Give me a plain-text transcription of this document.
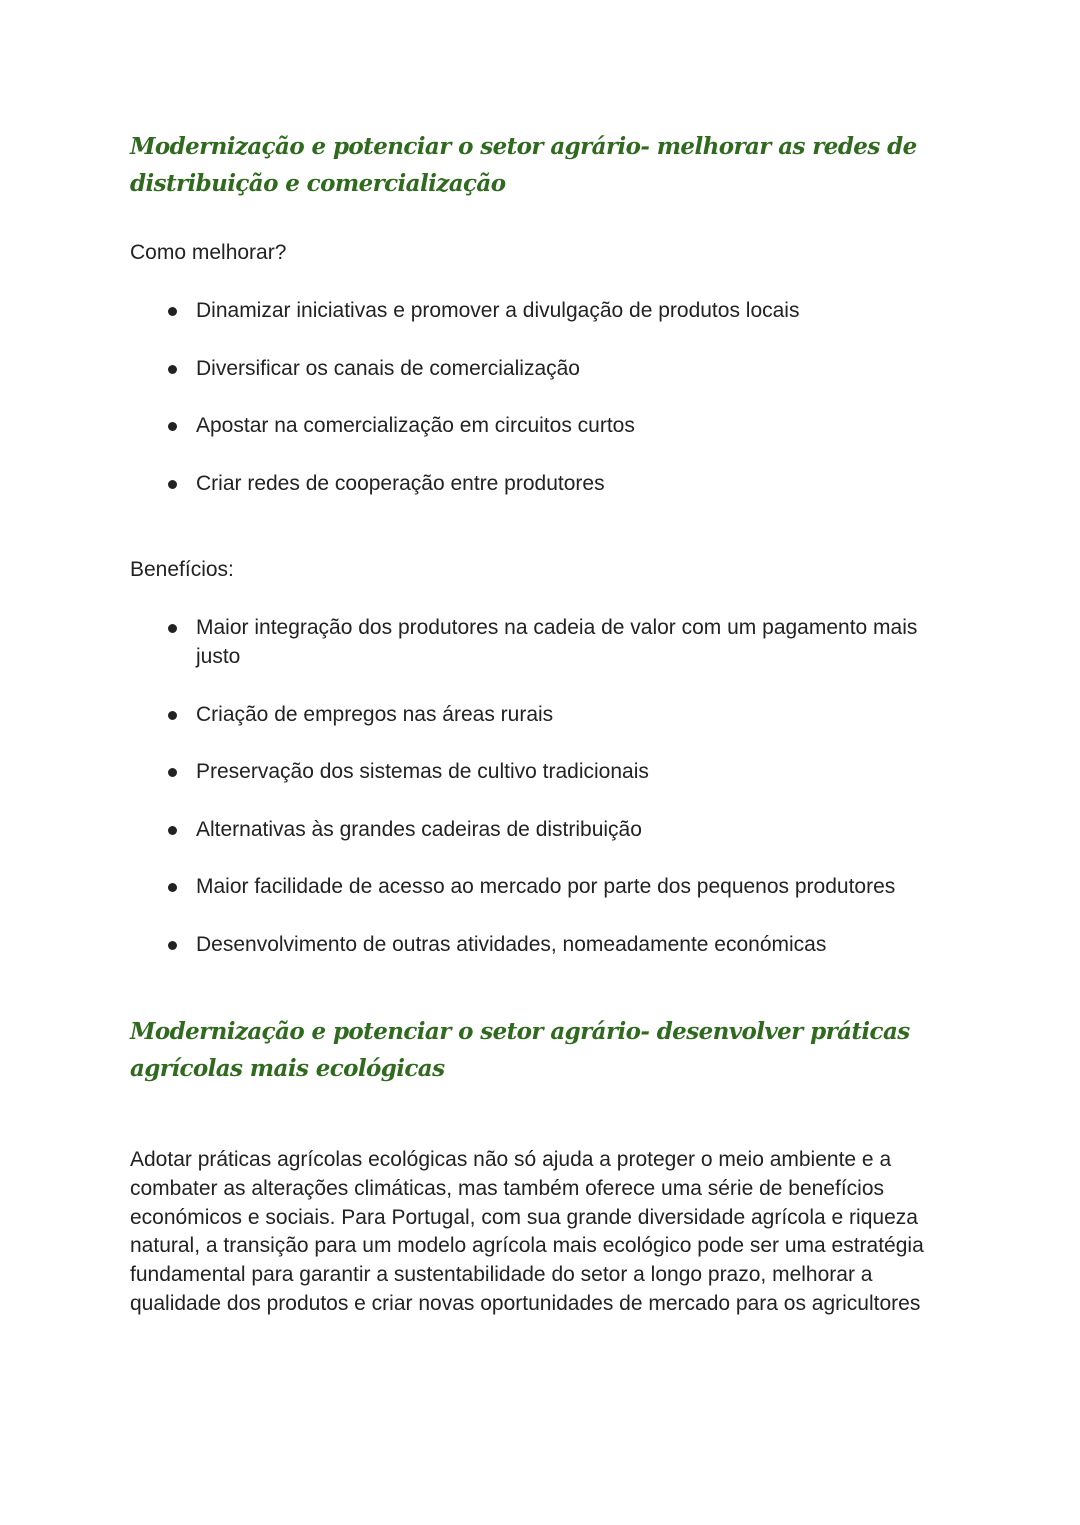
Modernização e potenciar o setor agrário- melhorar as redes de distribuição e comercialização

Como melhorar?

Dinamizar iniciativas e promover a divulgação de produtos locais
Diversificar os canais de comercialização
Apostar na comercialização em circuitos curtos
Criar redes de cooperação entre produtores

Benefícios:

Maior integração dos produtores na cadeia de valor com um pagamento mais justo
Criação de empregos nas áreas rurais
Preservação dos sistemas de cultivo tradicionais
Alternativas às grandes cadeiras de distribuição
Maior facilidade de acesso ao mercado por parte dos pequenos produtores
Desenvolvimento de outras atividades, nomeadamente económicas
Modernização e potenciar o setor agrário- desenvolver práticas agrícolas mais ecológicas

Adotar práticas agrícolas ecológicas não só ajuda a proteger o meio ambiente e a combater as alterações climáticas, mas também oferece uma série de benefícios económicos e sociais. Para Portugal, com sua grande diversidade agrícola e riqueza natural, a transição para um modelo agrícola mais ecológico pode ser uma estratégia fundamental para garantir a sustentabilidade do setor a longo prazo, melhorar a qualidade dos produtos e criar novas oportunidades de mercado para os agricultores
